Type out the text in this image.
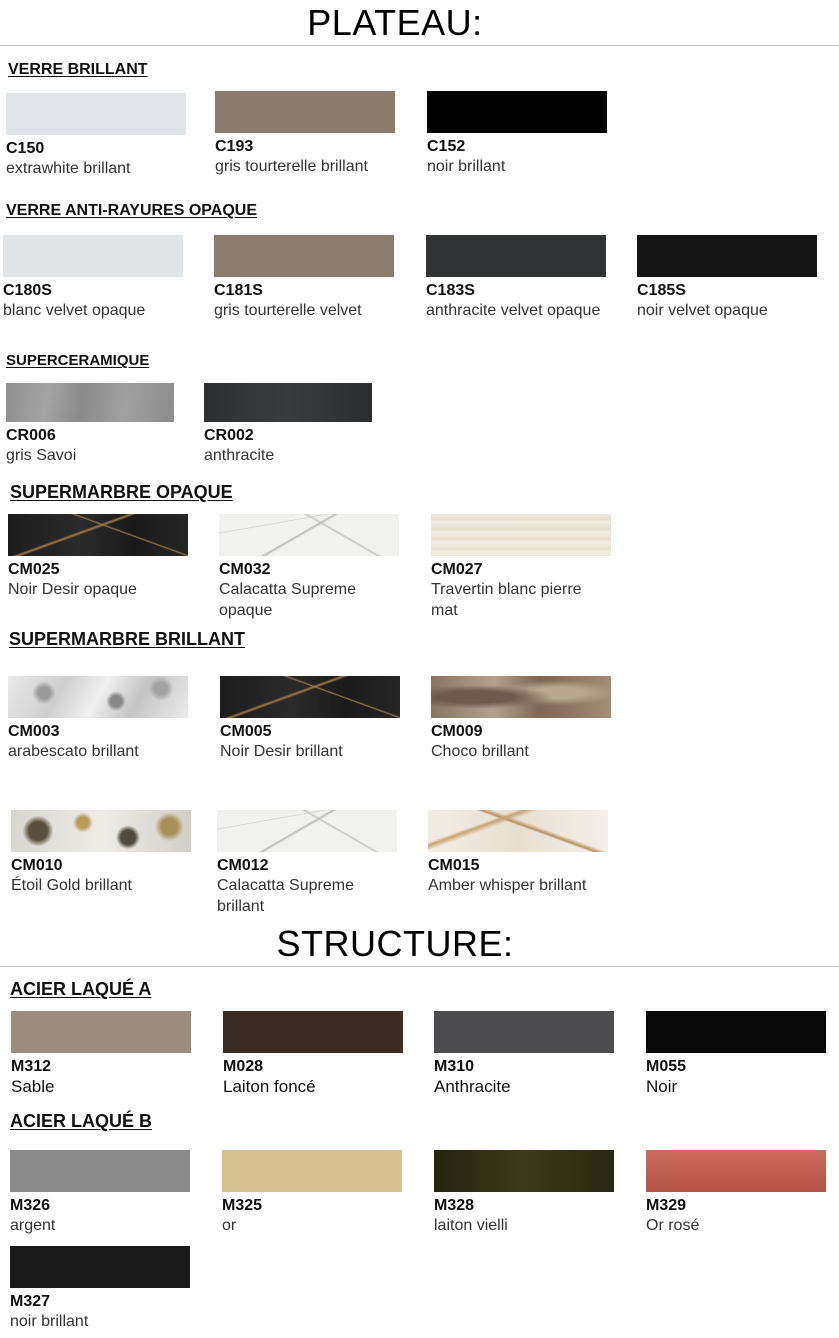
PLATEAU:
VERRE BRILLANT
C150
extrawhite brillant
C193
gris tourterelle brillant
C152
noir brillant
VERRE ANTI-RAYURES OPAQUE
C180S
blanc velvet opaque
C181S
gris tourterelle velvet
C183S
anthracite velvet opaque
C185S
noir velvet opaque
SUPERCERAMIQUE
CR006
gris Savoi
CR002
anthracite
SUPERMARBRE OPAQUE
CM025
Noir Desir opaque
CM032
Calacatta Supreme opaque
CM027
Travertin blanc pierre mat
SUPERMARBRE BRILLANT
CM003
arabescato brillant
CM005
Noir Desir brillant
CM009
Choco brillant
CM010
Étoil Gold brillant
CM012
Calacatta Supreme brillant
CM015
Amber whisper brillant
STRUCTURE:
ACIER LAQUÉ A
M312
Sable
M028
Laiton foncé
M310
Anthracite
M055
Noir
ACIER LAQUÉ B
M326
argent
M325
or
M328
laiton vielli
M329
Or rosé
M327
noir brillant
